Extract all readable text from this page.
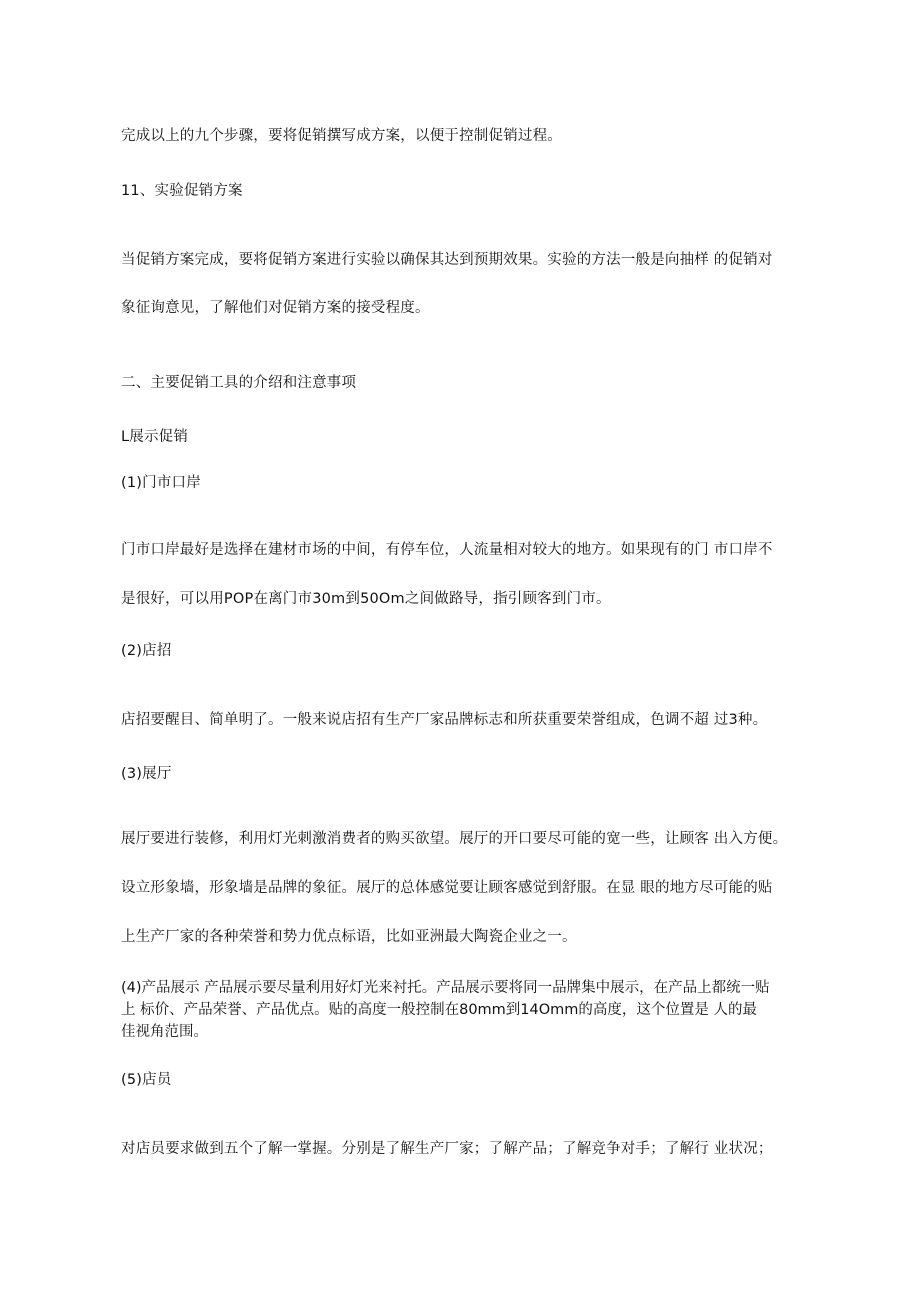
完成以上的九个步骤，要将促销撰写成方案，以便于控制促销过程。
11、实验促销方案
当促销方案完成，要将促销方案进行实验以确保其达到预期效果。实验的方法一般是向抽样 的促销对
象征询意见，了解他们对促销方案的接受程度。
二、主要促销工具的介绍和注意事项
L展示促销
(1)门市口岸
门市口岸最好是选择在建材市场的中间，有停车位，人流量相对较大的地方。如果现有的门 市口岸不
是很好，可以用POP在离门市30m到50Om之间做路导，指引顾客到门市。
(2)店招
店招要醒目、简单明了。一般来说店招有生产厂家品牌标志和所获重要荣誉组成，色调不超 过3种。
(3)展厅
展厅要进行装修，利用灯光刺激消费者的购买欲望。展厅的开口要尽可能的宽一些，让顾客 出入方便。
设立形象墙，形象墙是品牌的象征。展厅的总体感觉要让顾客感觉到舒服。在显 眼的地方尽可能的贴
上生产厂家的各种荣誉和势力优点标语，比如亚洲最大陶瓷企业之一。
(4)产品展示 产品展示要尽量利用好灯光来衬托。产品展示要将同一品牌集中展示，在产品上都统一贴
上 标价、产品荣誉、产品优点。贴的高度一般控制在80mm到14Omm的高度，这个位置是 人的最
佳视角范围。
(5)店员
对店员要求做到五个了解一掌握。分别是了解生产厂家；了解产品；了解竞争对手；了解行 业状况；
